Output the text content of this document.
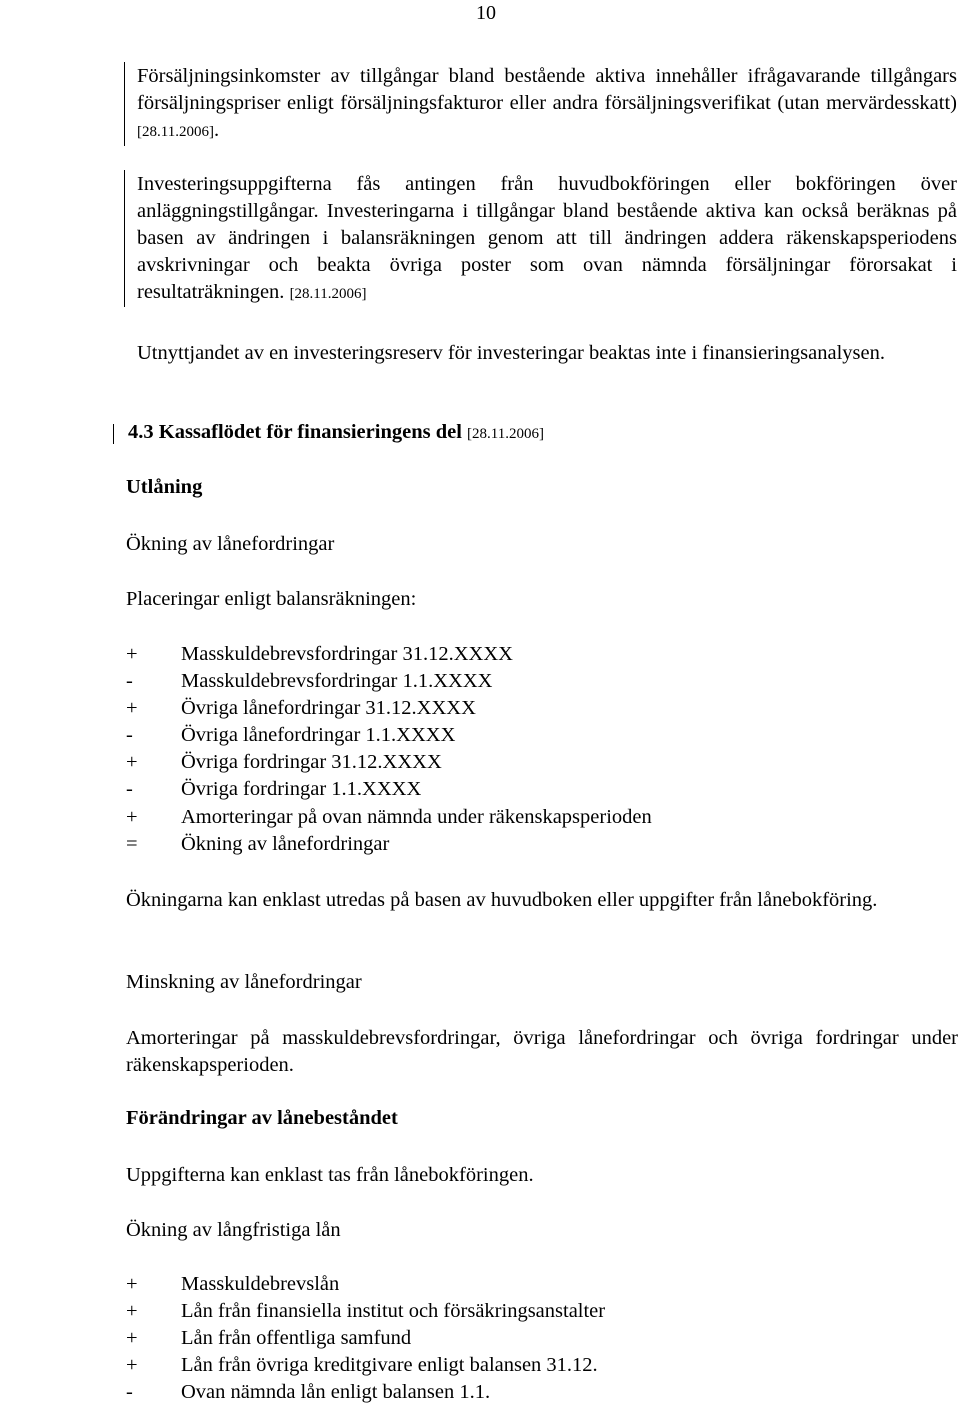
10

Försäljningsinkomster av tillgångar bland bestående aktiva innehåller ifrågavarande tillgångars försäljningspriser enligt försäljningsfakturor eller andra försäljningsverifikat (utan mervärdesskatt) [28.11.2006].

Investeringsuppgifterna fås antingen från huvudbokföringen eller bokföringen över anläggningstillgångar. Investeringarna i tillgångar bland bestående aktiva kan också beräknas på basen av ändringen i balansräkningen genom att till ändringen addera räkenskapsperiodens avskrivningar och beakta övriga poster som ovan nämnda försäljningar förorsakat i resultaträkningen. [28.11.2006]

Utnyttjandet av en investeringsreserv för investeringar beaktas inte i finansieringsanalysen.

4.3 Kassaflödet för finansieringens del [28.11.2006]
Utlåning

Ökning av lånefordringar

Placeringar enligt balansräkningen:

+	Masskuldebrevsfordringar 31.12.XXXX
-	Masskuldebrevsfordringar 1.1.XXXX
+	Övriga lånefordringar 31.12.XXXX
-	Övriga lånefordringar 1.1.XXXX
+	Övriga fordringar 31.12.XXXX
-	Övriga fordringar 1.1.XXXX
+	Amorteringar på ovan nämnda under räkenskapsperioden
=	Ökning av lånefordringar

Ökningarna kan enklast utredas på basen av huvudboken eller uppgifter från lånebokföring.

Minskning av lånefordringar

Amorteringar på masskuldebrevsfordringar, övriga lånefordringar och övriga fordringar under räkenskapsperioden.

Förändringar av lånebeståndet

Uppgifterna kan enklast tas från lånebokföringen.

Ökning av långfristiga lån

+	Masskuldebrevslån
+	Lån från finansiella institut och försäkringsanstalter
+	Lån från offentliga samfund
+	Lån från övriga kreditgivare enligt balansen 31.12.
-	Ovan nämnda lån enligt balansen 1.1.
